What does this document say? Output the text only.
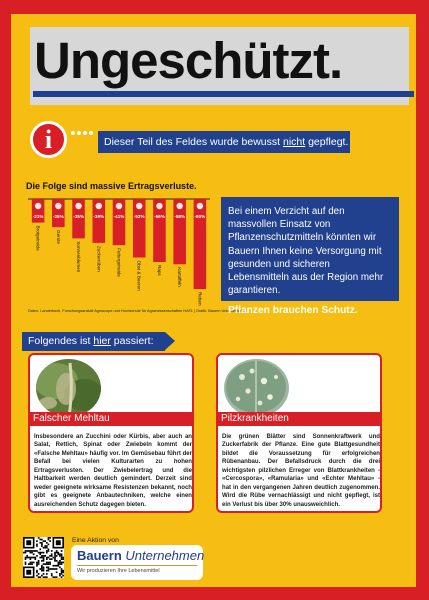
Ungeschützt.
i	Dieser Teil des Feldes wurde bewusst nicht gepflegt.
Die Folge sind massive Ertragsverluste.
-21%
Brotgetreide
-25%
Gerste
-35%
Sonnenblumen
-39%
Zuckerrüben
-41%
Futtergetreide
-52%
Obst & Beeren
-56%
Raps
-58%
Kartoffeln
-80%
Reben
Daten: Landerbuch, Forschungsanstalt Agroscope und Hochschule für Agrarwissenschaften HAFL | Grafik: Bauern Unternehmen
Bei einem Verzicht auf den massvollen Einsatz von Pflanzenschutzmitteln könnten wir Bauern Ihnen keine Versorgung mit gesunden und sicheren Lebensmitteln aus der Region mehr garantieren.
Pflanzen brauchen Schutz.
Folgendes ist hier passiert:
Falscher Mehltau
Insbesondere an Zucchini oder Kürbis, aber auch an Salat, Rettich, Spinat oder Zwiebeln kommt der «Falsche Mehltau» häufig vor. Im Gemüsebau führt der Befall bei vielen Kulturarten zu hohen Ertragsverlusten. Der Zwiebelertrag und die Haltbarkeit werden deutlich gemindert. Derzeit sind weder geeignete wirksame Resistenzen bekannt, noch gibt es geeignete Anbautechniken, welche einen ausreichenden Schutz dagegen bieten.
Pilzkrankheiten
Die grünen Blätter sind Sonnenkraftwerk und Zuckerfabrik der Pflanze. Eine gute Blattgesundheit bildet die Voraussetzung für erfolgreichen Rübenanbau. Der Befallsdruck durch die drei wichtigsten pilzlichen Erreger von Blattkrankheiten - «Cercospora», «Ramularia» und «Echter Mehltau» - hat in den vergangenen Jahren deutlich zugenommen. Wird die Rübe vernachlässigt und nicht gepflegt, ist ein Verlust bis über 30% unausweichlich.
Eine Aktion von
Bauern Unternehmen
Wir produzieren Ihre Lebensmittel
